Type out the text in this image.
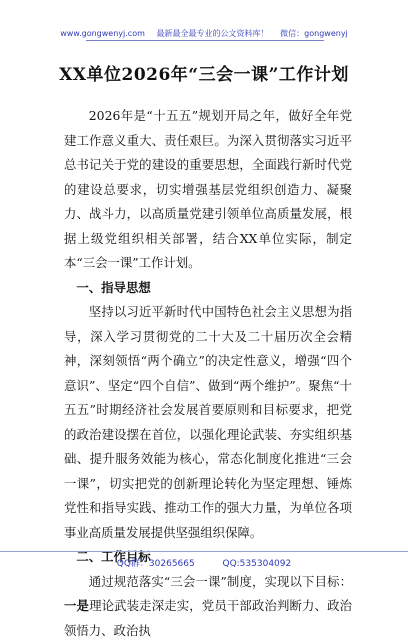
www.gongwenyj.com 最新最全最专业的公文资料库！ 微信：gongwenyj
XX单位2026年“三会一课”工作计划

2026年是“十五五”规划开局之年，做好全年党建工作意义重大、责任艰巨。为深入贯彻落实习近平总书记关于党的建设的重要思想，全面践行新时代党的建设总要求，切实增强基层党组织创造力、凝聚力、战斗力，以高质量党建引领单位高质量发展，根据上级党组织相关部署，结合XX单位实际，制定本“三会一课”工作计划。

一、指导思想

坚持以习近平新时代中国特色社会主义思想为指导，深入学习贯彻党的二十大及二十届历次全会精神，深刻领悟“两个确立”的决定性意义，增强“四个意识”、坚定“四个自信”、做到“两个维护”。聚焦“十五五”时期经济社会发展首要原则和目标要求，把党的政治建设摆在首位，以强化理论武装、夯实组织基础、提升服务效能为核心，常态化制度化推进“三会一课”，切实把党的创新理论转化为坚定理想、锤炼党性和指导实践、推动工作的强大力量，为单位各项事业高质量发展提供坚强组织保障。

二、工作目标

通过规范落实“三会一课”制度，实现以下目标：一是理论武装走深走实，党员干部政治判断力、政治领悟力、政治执

QQ群：30265665	QQ:535304092
